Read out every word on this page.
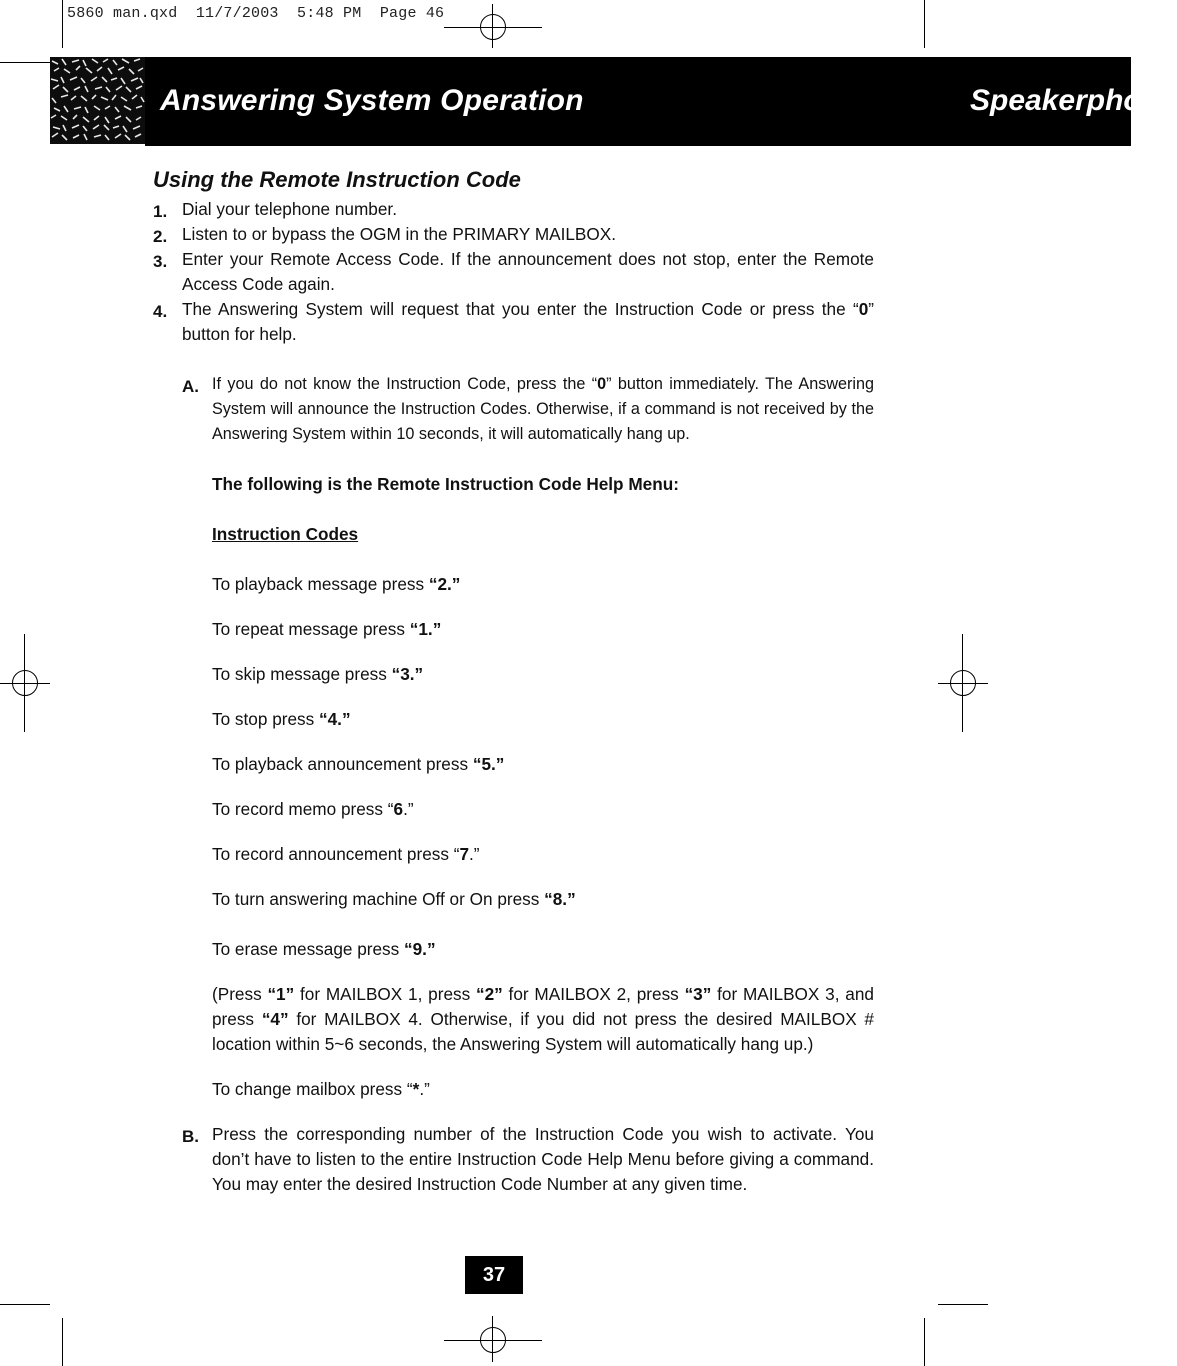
5860 man.qxd  11/7/2003  5:48 PM  Page 46
Answering System Operation	Speakerphone
Using the Remote Instruction Code
1. Dial your telephone number.
2. Listen to or bypass the OGM in the PRIMARY MAILBOX.
3. Enter your Remote Access Code. If the announcement does not stop, enter the Remote Access Code again.
4. The Answering System will request that you enter the Instruction Code or press the “0” button for help.
A. If you do not know the Instruction Code, press the “0” button immediately. The Answering System will announce the Instruction Codes. Otherwise, if a command is not received by the Answering System within 10 seconds, it will automatically hang up.
The following is the Remote Instruction Code Help Menu:
Instruction Codes
To playback message press “2.”
To repeat message press “1.”
To skip message press “3.”
To stop press “4.”
To playback announcement press “5.”
To record memo press “6.”
To record announcement press “7.”
To turn answering machine Off or On press “8.”
To erase message press “9.”
(Press “1” for MAILBOX 1, press “2” for MAILBOX 2, press “3” for MAILBOX 3, and press “4” for MAILBOX 4. Otherwise, if you did not press the desired MAILBOX # location within 5~6 seconds, the Answering System will automatically hang up.)
To change mailbox press “*.”
B. Press the corresponding number of the Instruction Code you wish to activate. You don’t have to listen to the entire Instruction Code Help Menu before giving a command. You may enter the desired Instruction Code Number at any given time.
37
